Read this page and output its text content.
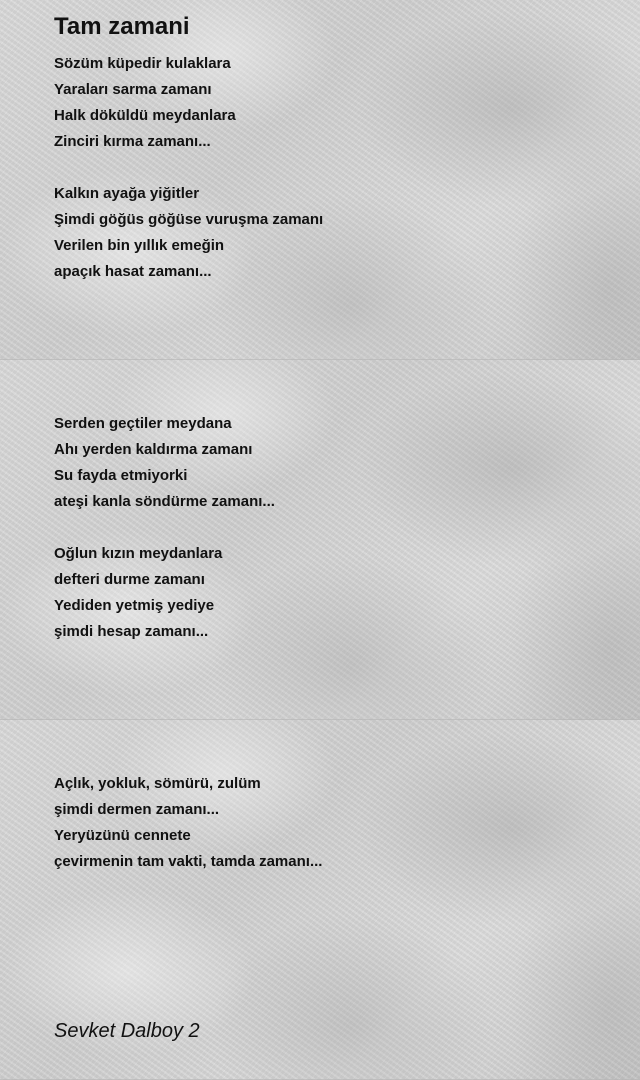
Tam zamani
Sözüm küpedir kulaklara
Yaraları sarma zamanı
Halk döküldü meydanlara
Zinciri kırma zamanı...
Kalkın ayağa yiğitler
Şimdi göğüs göğüse vuruşma zamanı
Verilen bin yıllık emeğin
apaçık hasat zamanı...
Serden geçtiler meydana
Ahı yerden kaldırma zamanı
Su fayda etmiyorki
ateşi kanla söndürme zamanı...
Oğlun kızın meydanlara
defteri durme zamanı
Yediden yetmiş yediye
şimdi hesap zamanı...
Açlık, yokluk, sömürü, zulüm
şimdi dermen zamanı...
Yeryüzünü cennete
çevirmenin tam vakti, tamda zamanı...
Sevket Dalboy 2
